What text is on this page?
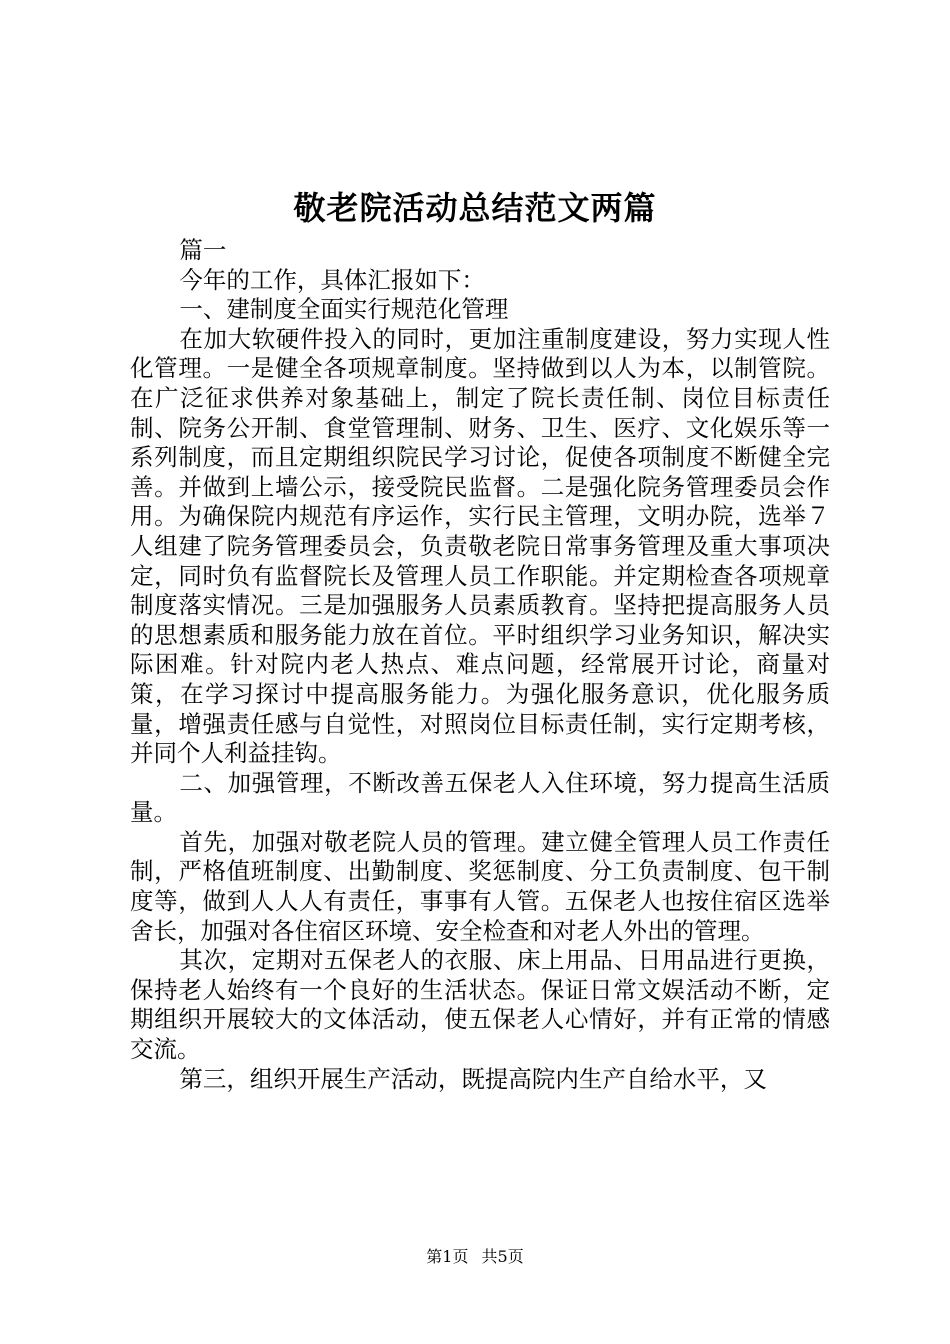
敬老院活动总结范文两篇

篇一

今年的工作，具体汇报如下：

一、建制度全面实行规范化管理

在加大软硬件投入的同时，更加注重制度建设，努力实现人性化管理。一是健全各项规章制度。坚持做到以人为本，以制管院。在广泛征求供养对象基础上，制定了院长责任制、岗位目标责任制、院务公开制、食堂管理制、财务、卫生、医疗、文化娱乐等一系列制度，而且定期组织院民学习讨论，促使各项制度不断健全完善。并做到上墙公示，接受院民监督。二是强化院务管理委员会作用。为确保院内规范有序运作，实行民主管理，文明办院，选举７人组建了院务管理委员会，负责敬老院日常事务管理及重大事项决定，同时负有监督院长及管理人员工作职能。并定期检查各项规章制度落实情况。三是加强服务人员素质教育。坚持把提高服务人员的思想素质和服务能力放在首位。平时组织学习业务知识，解决实际困难。针对院内老人热点、难点问题，经常展开讨论，商量对策，在学习探讨中提高服务能力。为强化服务意识，优化服务质量，增强责任感与自觉性，对照岗位目标责任制，实行定期考核，并同个人利益挂钩。

二、加强管理，不断改善五保老人入住环境，努力提高生活质量。

首先，加强对敬老院人员的管理。建立健全管理人员工作责任制，严格值班制度、出勤制度、奖惩制度、分工负责制度、包干制度等，做到人人人有责任，事事有人管。五保老人也按住宿区选举舍长，加强对各住宿区环境、安全检查和对老人外出的管理。

其次，定期对五保老人的衣服、床上用品、日用品进行更换，保持老人始终有一个良好的生活状态。保证日常文娱活动不断，定期组织开展较大的文体活动，使五保老人心情好，并有正常的情感交流。

第三，组织开展生产活动，既提高院内生产自给水平，又

第1页 共5页
